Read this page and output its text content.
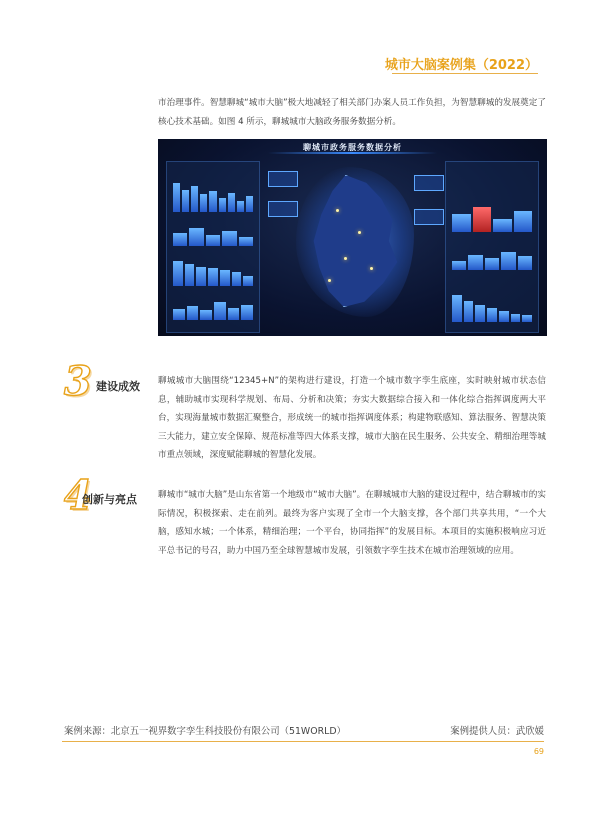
城市大脑案例集（2022）

市治理事件。智慧聊城“城市大脑”极大地减轻了相关部门办案人员工作负担，为智慧聊城的发展奠定了核心技术基础。如图 4 所示，聊城城市大脑政务服务数据分析。

聊城市政务服务数据分析
3 建设成效 聊城城市大脑围绕“12345+N”的架构进行建设，打造一个城市数字孪生底座，实时映射城市状态信息，辅助城市实现科学规划、布局、分析和决策；夯实大数据综合接入和一体化综合指挥调度两大平台，实现海量城市数据汇聚整合，形成统一的城市指挥调度体系；构建物联感知、算法服务、智慧决策三大能力，建立安全保障、规范标准等四大体系支撑，城市大脑在民生服务、公共安全、精细治理等城市重点领域，深度赋能聊城的智慧化发展。

4
创新与亮点 聊城市“城市大脑”是山东省第一个地级市“城市大脑”。在聊城城市大脑的建设过程中，结合聊城市的实际情况，积极探索、走在前列。最终为客户实现了全市一个大脑支撑，各个部门共享共用，“一个大脑，感知水城；一个体系，精细治理；一个平台，协同指挥”的发展目标。本项目的实施积极响应习近平总书记的号召，助力中国乃至全球智慧城市发展，引领数字孪生技术在城市治理领域的应用。

案例来源：北京五一视界数字孪生科技股份有限公司（51WORLD）	案例提供人员：武欣媛
69
